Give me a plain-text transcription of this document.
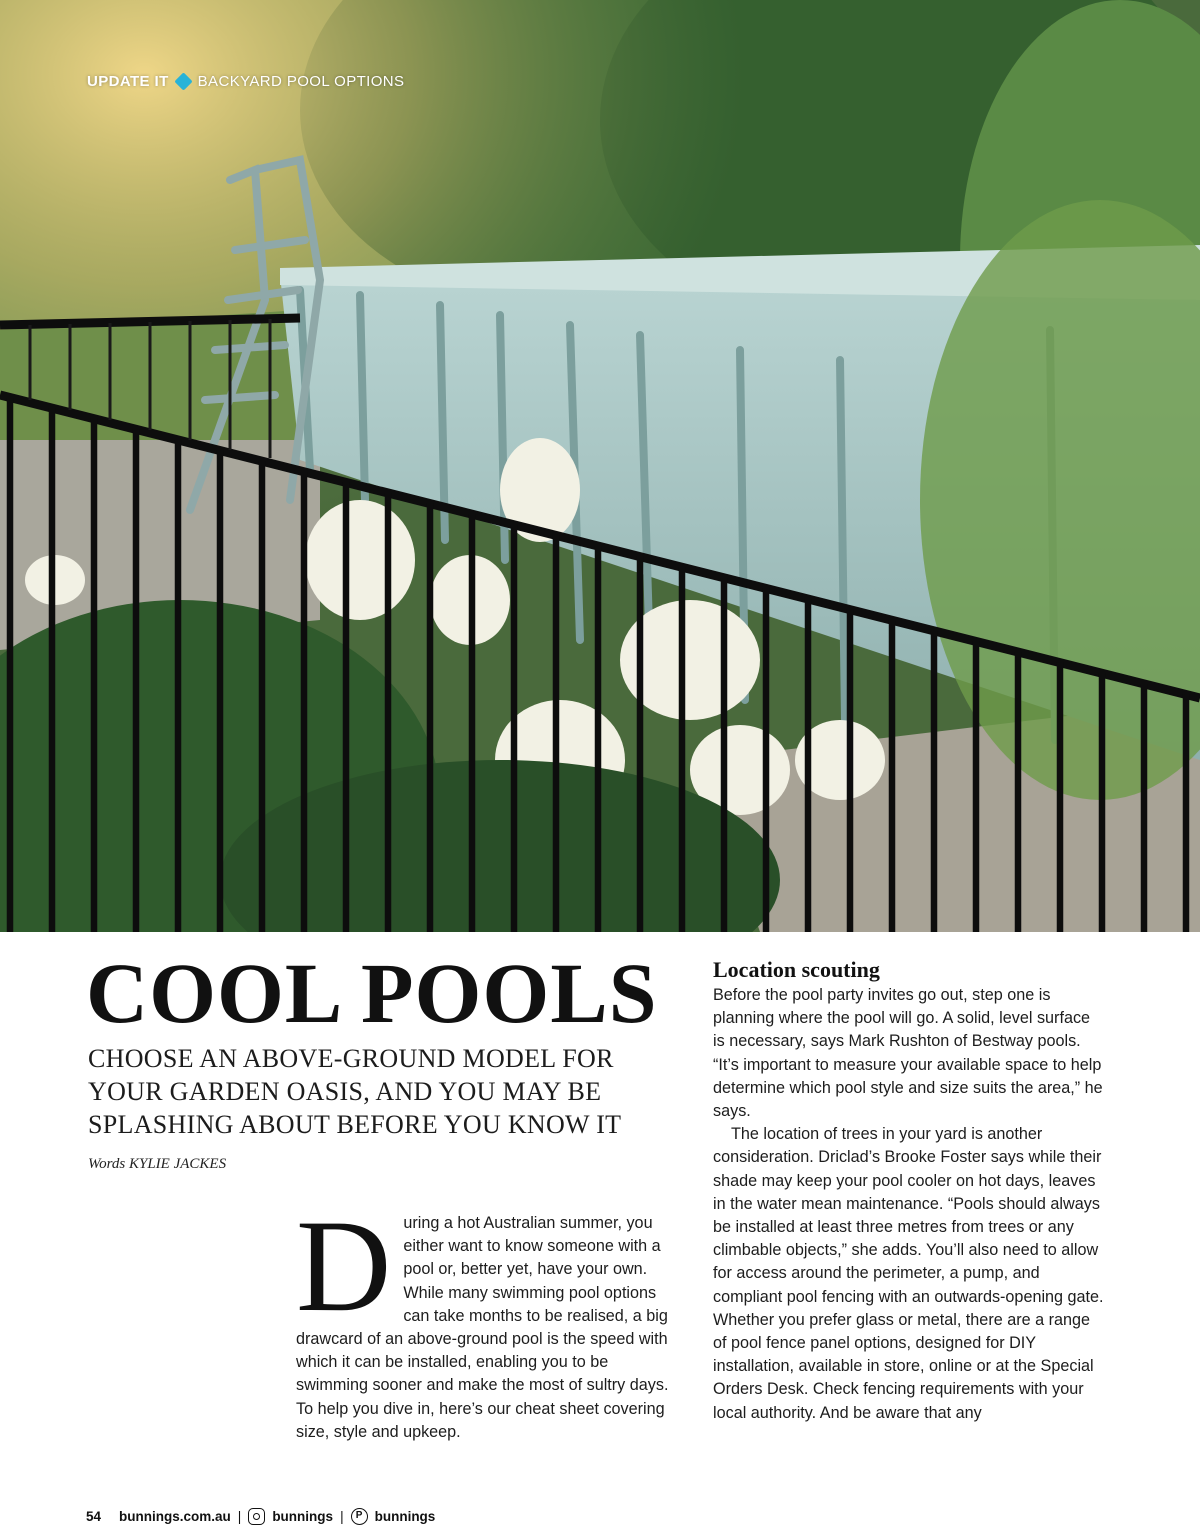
UPDATE IT BACKYARD POOL OPTIONS
COOL POOLS
CHOOSE AN ABOVE-GROUND MODEL FOR YOUR GARDEN OASIS, AND YOU MAY BE SPLASHING ABOUT BEFORE YOU KNOW IT
Words KYLIE JACKES
D uring a hot Australian summer, you either want to know someone with a pool or, better yet, have your own. While many swimming pool options can take months to be realised, a big drawcard of an above-ground pool is the speed with which it can be installed, enabling you to be swimming sooner and make the most of sultry days. To help you dive in, here’s our cheat sheet covering size, style and upkeep.
Location scouting

Before the pool party invites go out, step one is planning where the pool will go. A solid, level surface is necessary, says Mark Rushton of Bestway pools. “It’s important to measure your available space to help determine which pool style and size suits the area,” he says.

The location of trees in your yard is another consideration. Driclad’s Brooke Foster says while their shade may keep your pool cooler on hot days, leaves in the water mean maintenance. “Pools should always be installed at least three metres from trees or any climbable objects,” she adds. You’ll also need to allow for access around the perimeter, a pump, and compliant pool fencing with an outwards-opening gate. Whether you prefer glass or metal, there are a range of pool fence panel options, designed for DIY installation, available in store, online or at the Special Orders Desk. Check fencing requirements with your local authority. And be aware that any

54 bunnings.com.au | bunnings |	P bunnings
